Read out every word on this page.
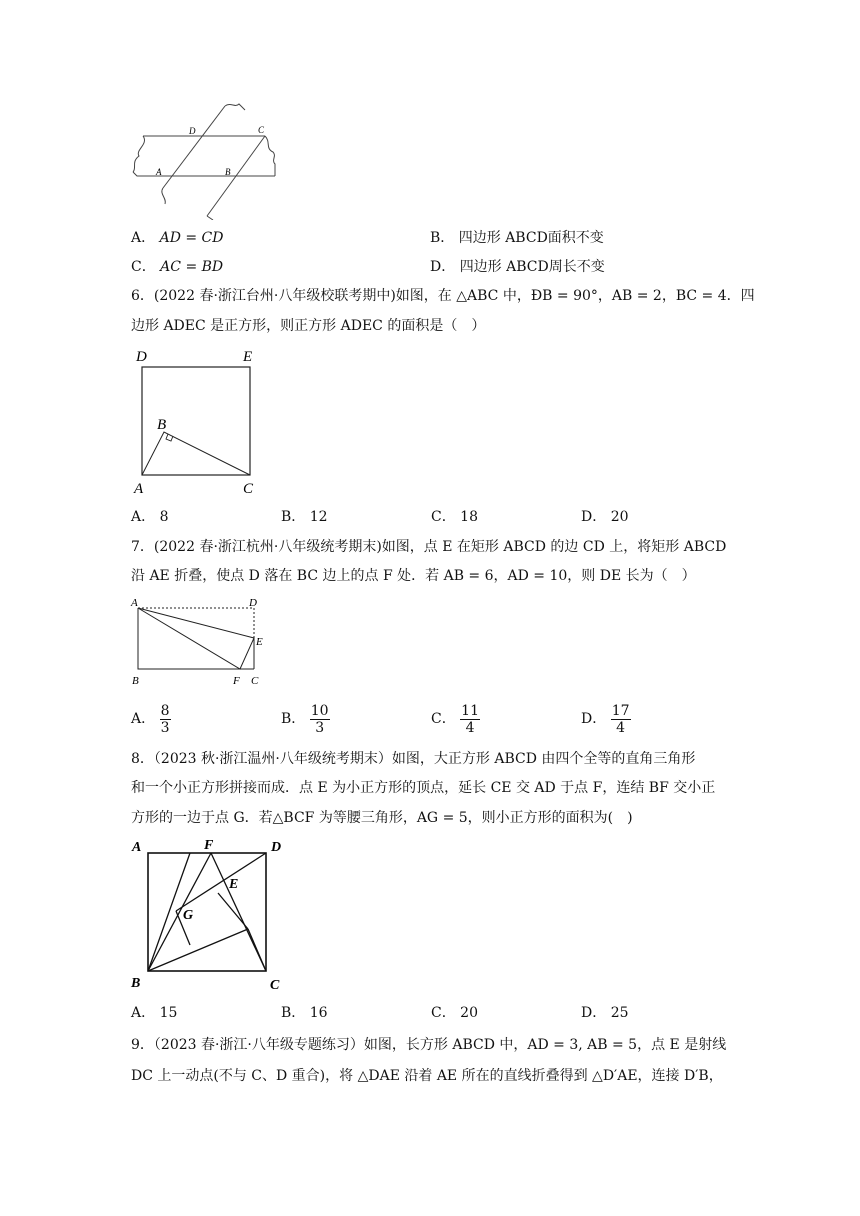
D	C
A	B
A． AD = CD	B． 四边形 ABCD面积不变
C． AC = BD	D． 四边形 ABCD周长不变
6．(2022 春·浙江台州·八年级校联考期中)如图，在 △ABC 中，ÐB = 90°，AB = 2，BC = 4．四
边形 ADEC 是正方形，则正方形 ADEC 的面积是（　）
D	E
B
A	C
A． 8	B． 12	C． 18	D． 20
7．(2022 春·浙江杭州·八年级统考期末)如图，点 E 在矩形 ABCD 的边 CD 上，将矩形 ABCD
沿 AE 折叠，使点 D 落在 BC 边上的点 F 处．若 AB = 6，AD = 10，则 DE 长为（　）
A	D
E
B	F C
A． $\frac{8}{3}$	B． $\frac{10}{3}$	C． $\frac{11}{4}$	D． $\frac{17}{4}$
8．（2023 秋·浙江温州·八年级统考期末）如图，大正方形 ABCD 由四个全等的直角三角形
和一个小正方形拼接而成．点 E 为小正方形的顶点，延长 CE 交 AD 于点 F，连结 BF 交小正
方形的一边于点 G．若△BCF 为等腰三角形，AG = 5，则小正方形的面积为(　)
A	F	D
E
G
B	C
A． 15	B． 16	C． 20	D． 25
9．（2023 春·浙江·八年级专题练习）如图，长方形 ABCD 中，AD = 3, AB = 5，点 E 是射线
DC 上一动点(不与 C、D 重合)，将 △DAE 沿着 AE 所在的直线折叠得到 △D′AE，连接 D′B，
